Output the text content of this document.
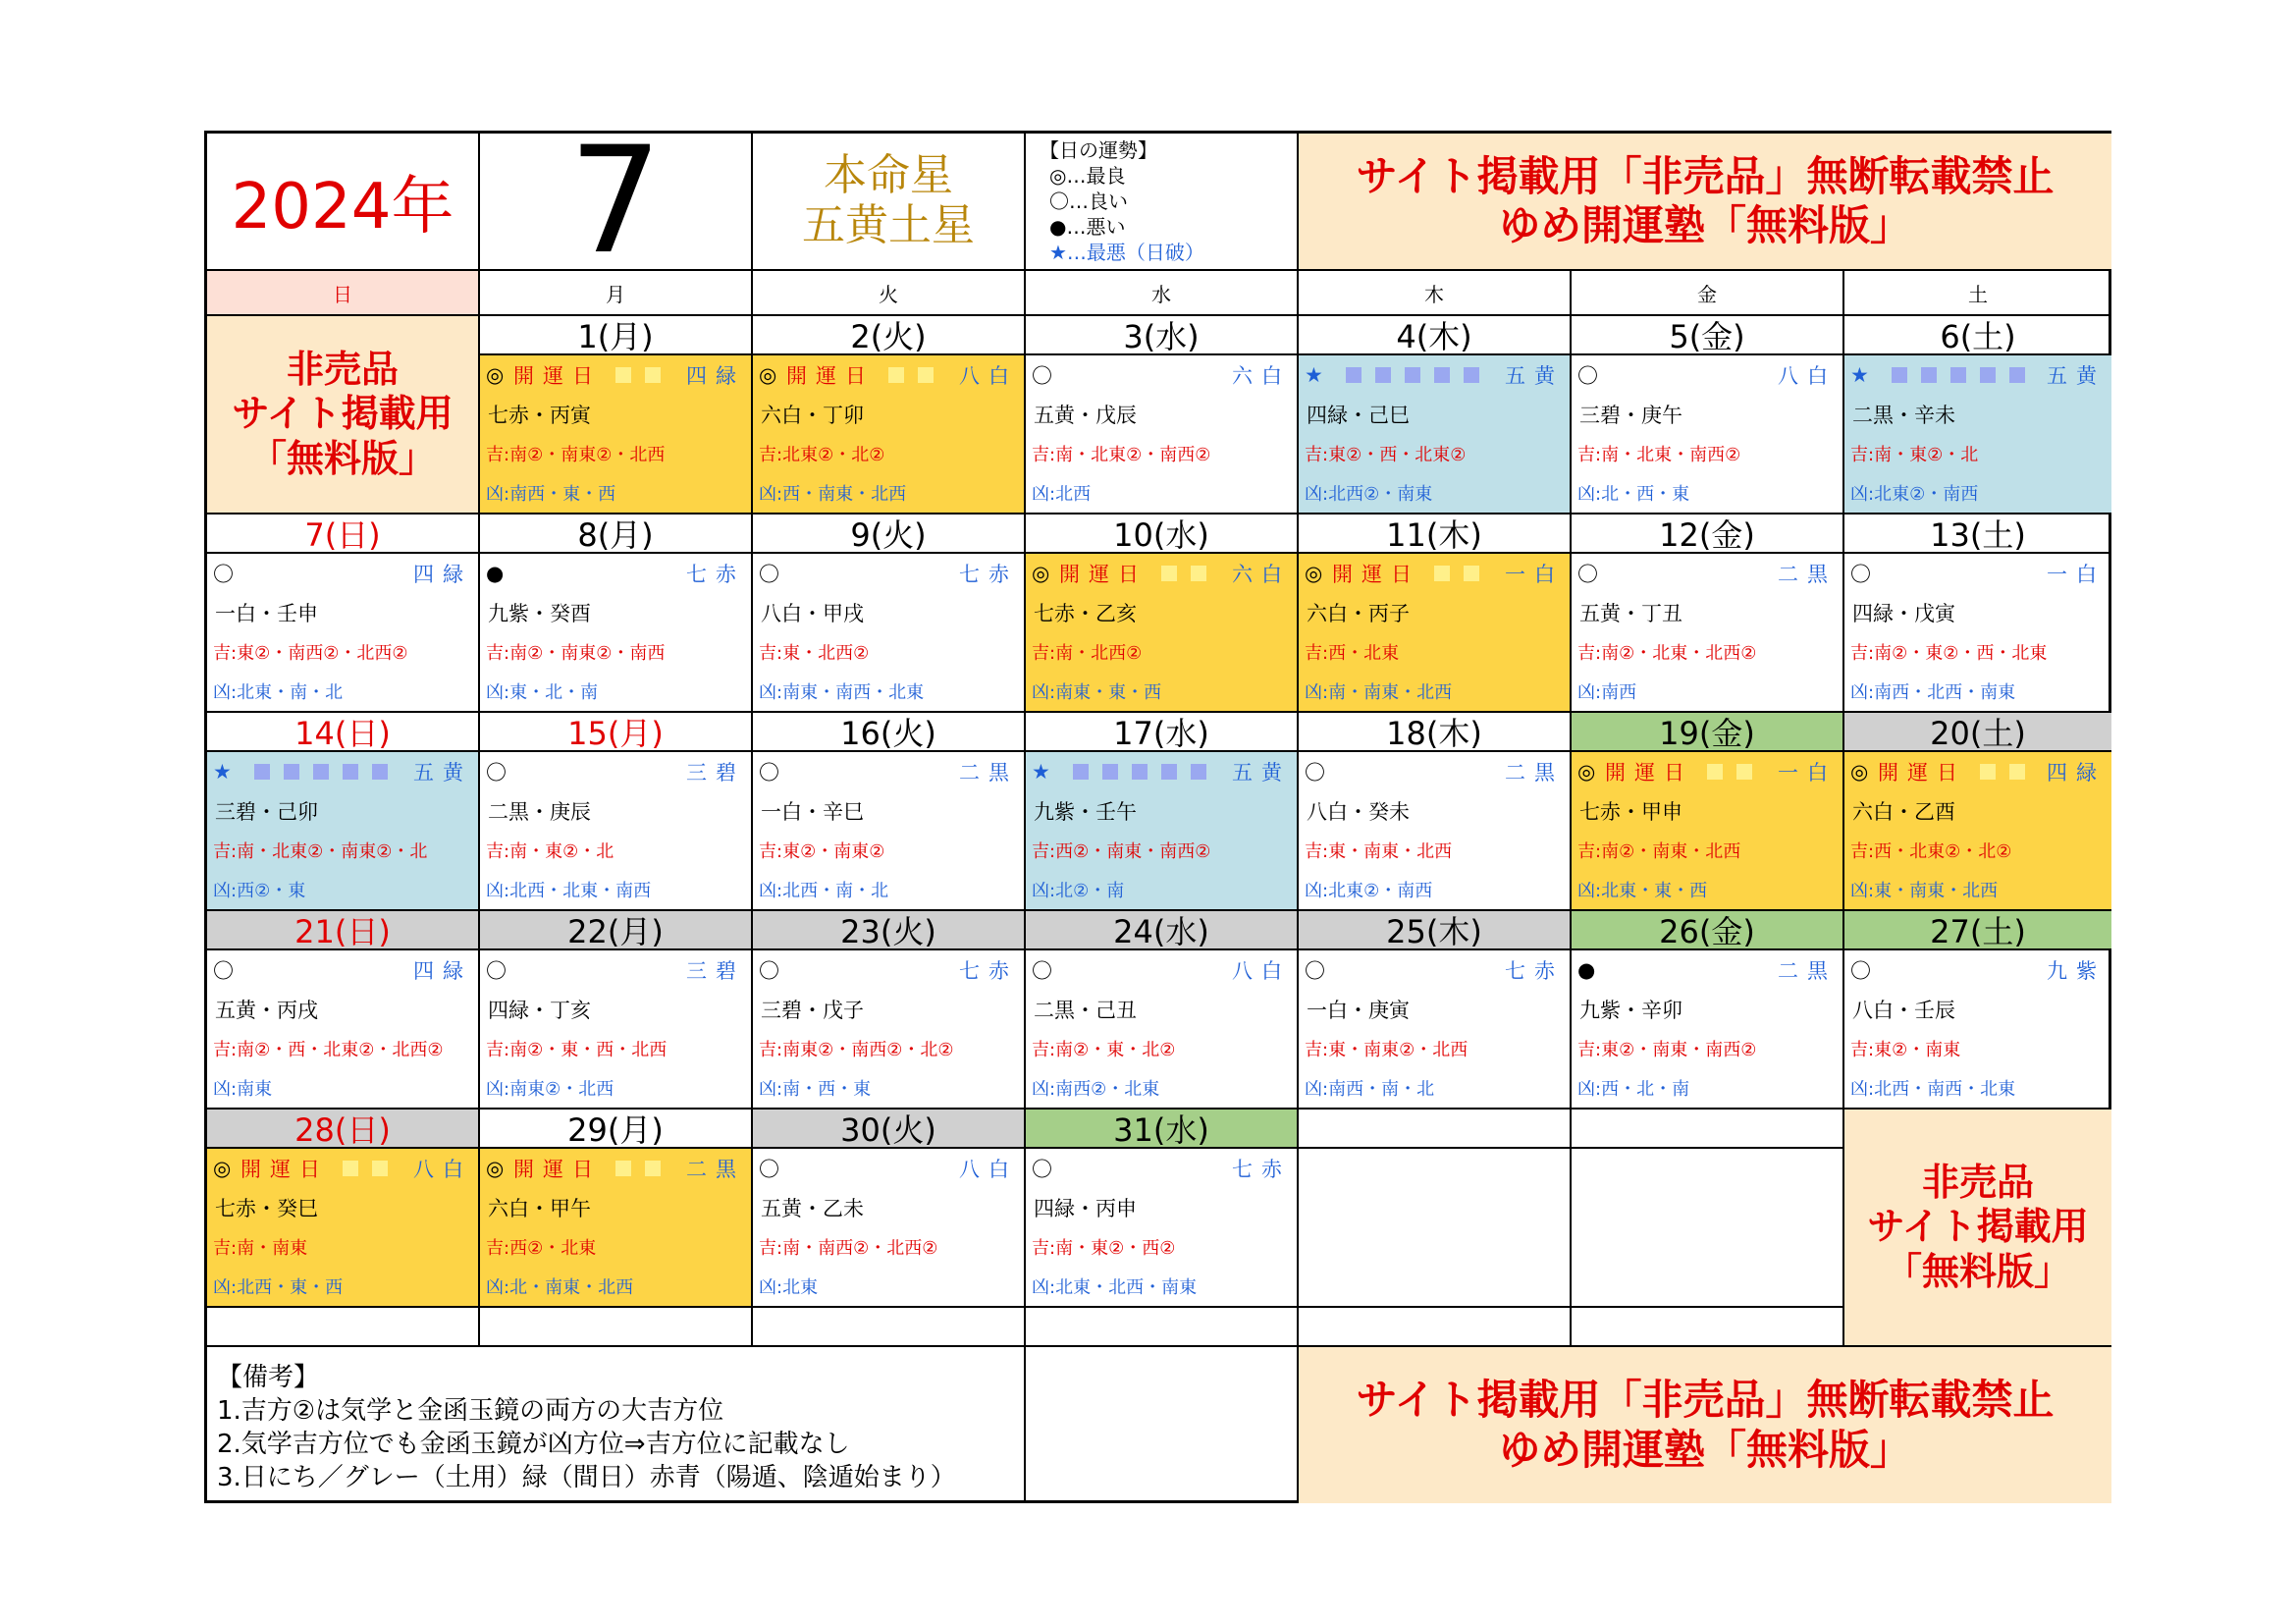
2024年 7	本命星
五黄土星
【日の運勢】
◎…最良
〇…良い
●…悪い
★…最悪（日破）
サイト掲載用「非売品」無断転載禁止
ゆめ開運塾「無料版」
日	月	火	水	木	金	土
非売品
サイト掲載用
「無料版」
非売品
サイト掲載用
「無料版」
【備考】
1.吉方②は気学と金函玉鏡の両方の大吉方位
2.気学吉方位でも金函玉鏡が凶方位⇒吉方位に記載なし
3.日にち／グレー（土用）緑（間日）赤青（陽遁、陰遁始まり）
サイト掲載用「非売品」無断転載禁止
ゆめ開運塾「無料版」
1(月)
◎ 開運日	四緑
七赤・丙寅
吉:南②・南東②・北西
凶:南西・東・西
2(火)
◎ 開運日	八白
六白・丁卯
吉:北東②・北②
凶:西・南東・北西
3(水)
〇	六白
五黄・戊辰
吉:南・北東②・南西②
凶:北西
4(木)
★	五黄
四緑・己巳
吉:東②・西・北東②
凶:北西②・南東
5(金)
〇	八白
三碧・庚午
吉:南・北東・南西②
凶:北・西・東
6(土)
★	五黄
二黒・辛未
吉:南・東②・北
凶:北東②・南西
7(日)
〇	四緑
一白・壬申
吉:東②・南西②・北西②
凶:北東・南・北
8(月)
●	七赤
九紫・癸酉
吉:南②・南東②・南西
凶:東・北・南
9(火)
〇	七赤
八白・甲戌
吉:東・北西②
凶:南東・南西・北東
10(水)
◎ 開運日	六白
七赤・乙亥
吉:南・北西②
凶:南東・東・西
11(木)
◎ 開運日	一白
六白・丙子
吉:西・北東
凶:南・南東・北西
12(金)
〇	二黒
五黄・丁丑
吉:南②・北東・北西②
凶:南西
13(土)
〇	一白
四緑・戊寅
吉:南②・東②・西・北東
凶:南西・北西・南東
14(日)
★	五黄
三碧・己卯
吉:南・北東②・南東②・北
凶:西②・東
15(月)
〇	三碧
二黒・庚辰
吉:南・東②・北
凶:北西・北東・南西
16(火)
〇	二黒
一白・辛巳
吉:東②・南東②
凶:北西・南・北
17(水)
★	五黄
九紫・壬午
吉:西②・南東・南西②
凶:北②・南
18(木)
〇	二黒
八白・癸未
吉:東・南東・北西
凶:北東②・南西
19(金)
◎ 開運日	一白
七赤・甲申
吉:南②・南東・北西
凶:北東・東・西
20(土)
◎ 開運日	四緑
六白・乙酉
吉:西・北東②・北②
凶:東・南東・北西
21(日)
〇	四緑
五黄・丙戌
吉:南②・西・北東②・北西②
凶:南東
22(月)
〇	三碧
四緑・丁亥
吉:南②・東・西・北西
凶:南東②・北西
23(火)
〇	七赤
三碧・戊子
吉:南東②・南西②・北②
凶:南・西・東
24(水)
〇	八白
二黒・己丑
吉:南②・東・北②
凶:南西②・北東
25(木)
〇	七赤
一白・庚寅
吉:東・南東②・北西
凶:南西・南・北
26(金)
●	二黒
九紫・辛卯
吉:東②・南東・南西②
凶:西・北・南
27(土)
〇	九紫
八白・壬辰
吉:東②・南東
凶:北西・南西・北東
28(日)
◎ 開運日	八白
七赤・癸巳
吉:南・南東
凶:北西・東・西
29(月)
◎ 開運日	二黒
六白・甲午
吉:西②・北東
凶:北・南東・北西
30(火)
〇	八白
五黄・乙未
吉:南・南西②・北西②
凶:北東
31(水)
〇	七赤
四緑・丙申
吉:南・東②・西②
凶:北東・北西・南東
